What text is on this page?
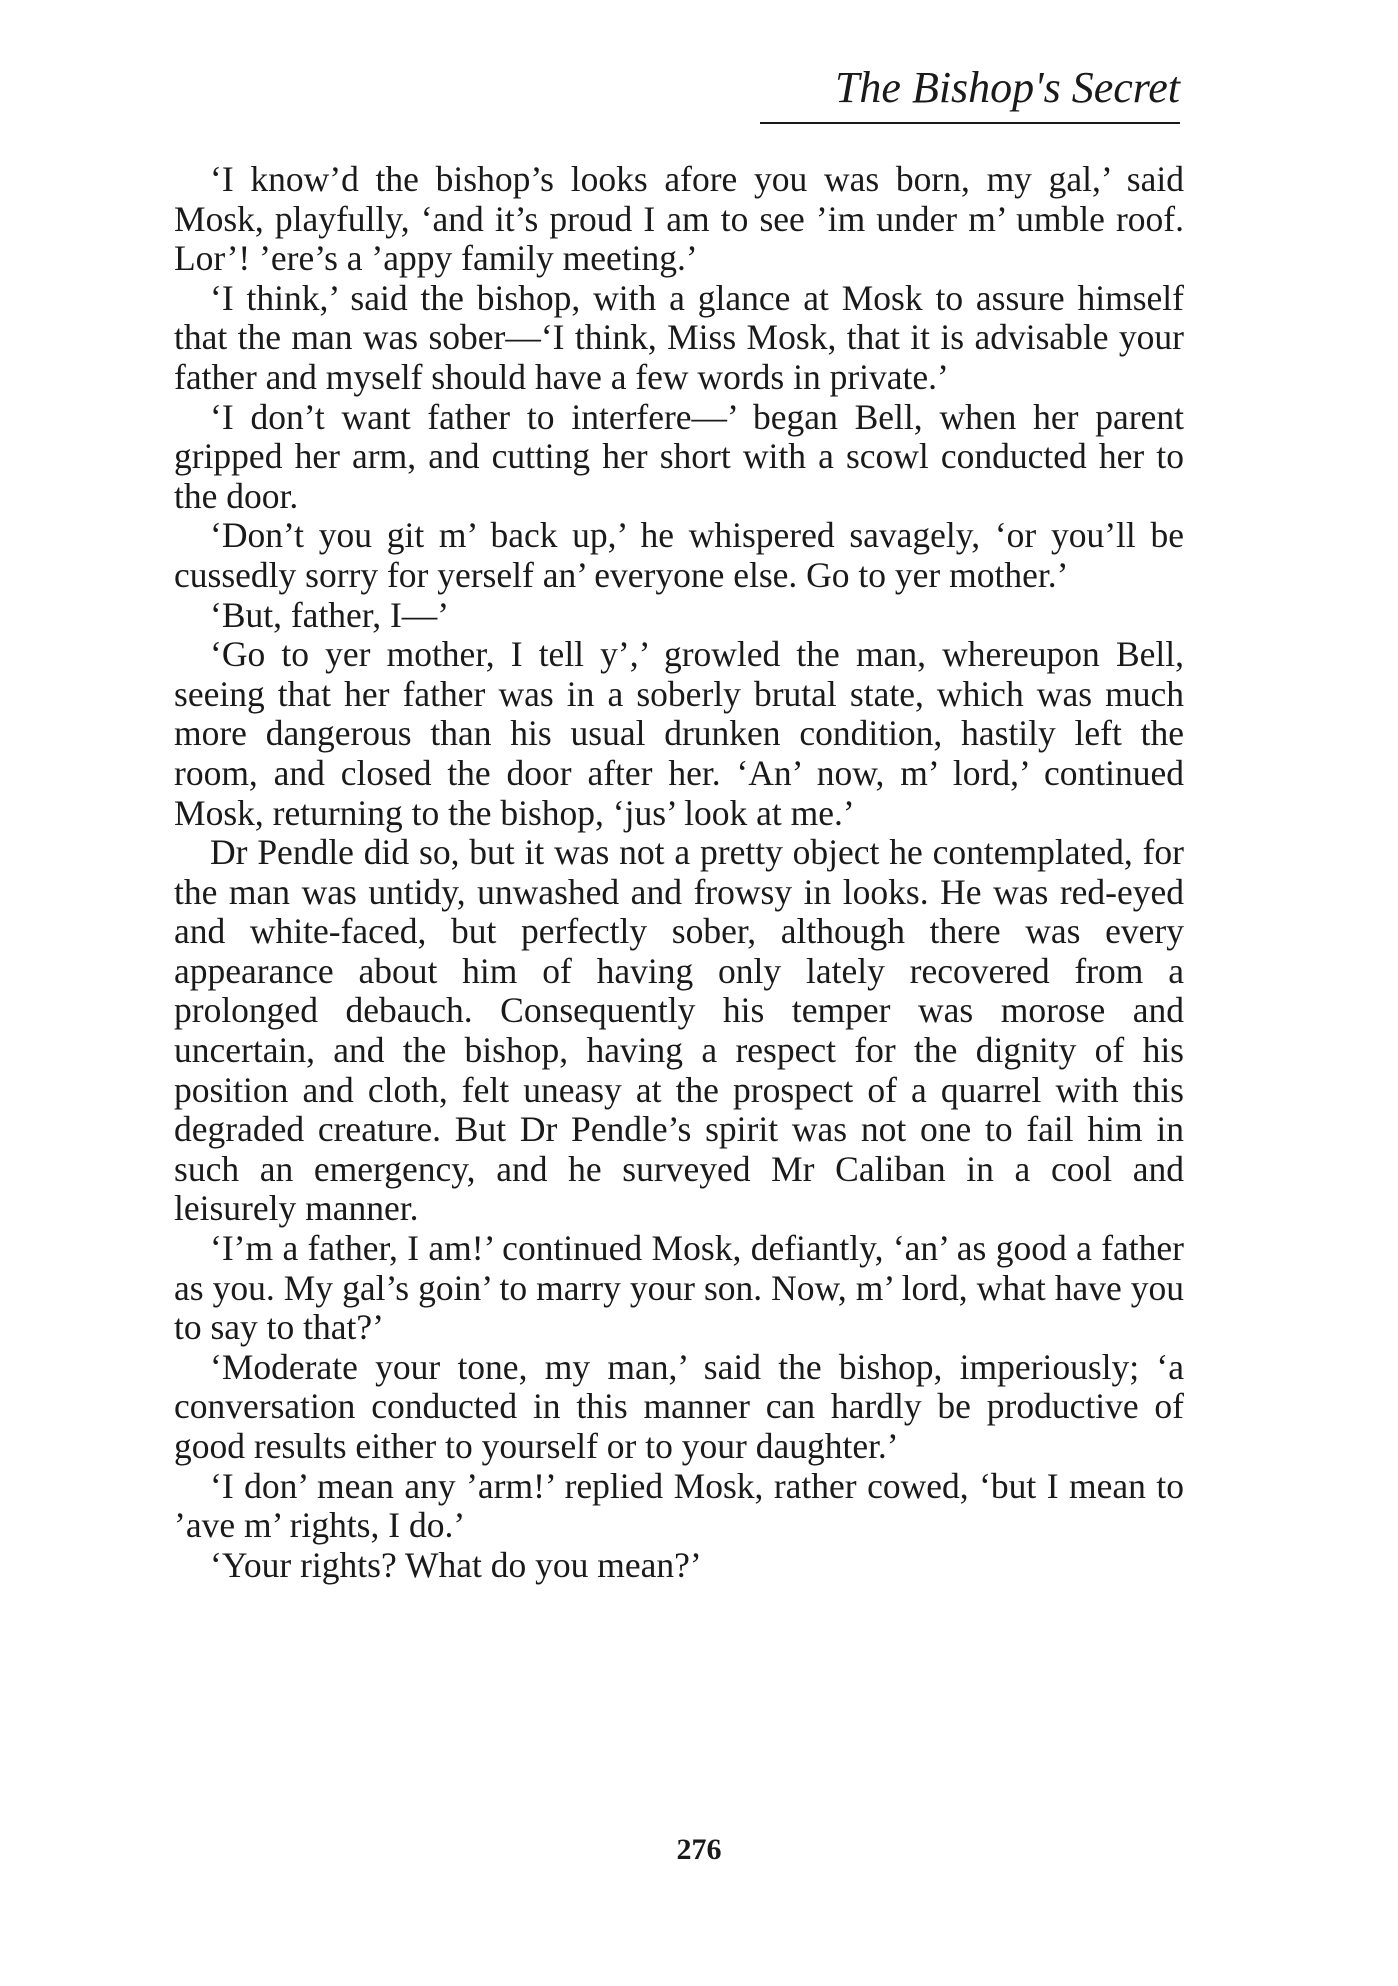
The Bishop's Secret

‘I know’d the bishop’s looks afore you was born, my gal,’ said Mosk, playfully, ‘and it’s proud I am to see ’im under m’ umble roof. Lor’! ’ere’s a ’appy family meeting.’

‘I think,’ said the bishop, with a glance at Mosk to assure himself that the man was sober—‘I think, Miss Mosk, that it is advisable your father and myself should have a few words in private.’

‘I don’t want father to interfere—’ began Bell, when her parent gripped her arm, and cutting her short with a scowl conducted her to the door.

‘Don’t you git m’ back up,’ he whispered savagely, ‘or you’ll be cussedly sorry for yerself an’ everyone else. Go to yer mother.’

‘But, father, I—’

‘Go to yer mother, I tell y’,’ growled the man, whereupon Bell, seeing that her father was in a soberly brutal state, which was much more dangerous than his usual drunken condition, hastily left the room, and closed the door after her. ‘An’ now, m’ lord,’ continued Mosk, returning to the bishop, ‘jus’ look at me.’

Dr Pendle did so, but it was not a pretty object he contemplated, for the man was untidy, unwashed and frowsy in looks. He was red-eyed and white-faced, but perfectly sober, although there was every appearance about him of having only lately recovered from a prolonged debauch. Consequently his temper was morose and uncertain, and the bishop, having a respect for the dignity of his position and cloth, felt uneasy at the prospect of a quarrel with this degraded creature. But Dr Pendle’s spirit was not one to fail him in such an emergency, and he surveyed Mr Caliban in a cool and leisurely manner.

‘I’m a father, I am!’ continued Mosk, defiantly, ‘an’ as good a father as you. My gal’s goin’ to marry your son. Now, m’ lord, what have you to say to that?’

‘Moderate your tone, my man,’ said the bishop, imperiously; ‘a conversation conducted in this manner can hardly be productive of good results either to yourself or to your daughter.’

‘I don’ mean any ’arm!’ replied Mosk, rather cowed, ‘but I mean to ’ave m’ rights, I do.’

‘Your rights? What do you mean?’

276
